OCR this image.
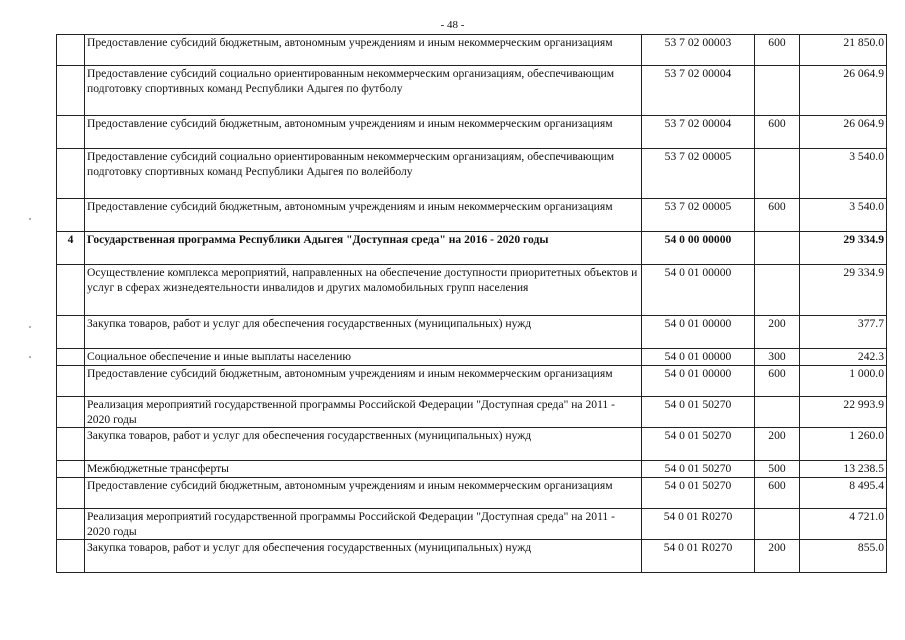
- 48 -
	Предоставление субсидий бюджетным, автономным учреждениям и иным некоммерческим организациям	53 7 02 00003	600	21 850.0
	Предоставление субсидий социально ориентированным некоммерческим организациям, обеспечивающим подготовку спортивных команд Республики Адыгея по футболу	53 7 02 00004		26 064.9
	Предоставление субсидий бюджетным, автономным учреждениям и иным некоммерческим организациям	53 7 02 00004	600	26 064.9
	Предоставление субсидий социально ориентированным некоммерческим организациям, обеспечивающим подготовку спортивных команд Республики Адыгея по волейболу	53 7 02 00005		3 540.0
	Предоставление субсидий бюджетным, автономным учреждениям и иным некоммерческим организациям	53 7 02 00005	600	3 540.0
4	Государственная программа Республики Адыгея "Доступная среда" на 2016 - 2020 годы	54 0 00 00000		29 334.9
	Осуществление комплекса мероприятий, направленных на обеспечение доступности приоритетных объектов и услуг в сферах жизнедеятельности инвалидов и других маломобильных групп населения	54 0 01 00000		29 334.9
	Закупка товаров, работ и услуг для обеспечения государственных (муниципальных) нужд	54 0 01 00000	200	377.7
	Социальное обеспечение и иные выплаты населению	54 0 01 00000	300	242.3
	Предоставление субсидий бюджетным, автономным учреждениям и иным некоммерческим организациям	54 0 01 00000	600	1 000.0
	Реализация мероприятий государственной программы Российской Федерации "Доступная среда" на 2011 - 2020 годы	54 0 01 50270		22 993.9
	Закупка товаров, работ и услуг для обеспечения государственных (муниципальных) нужд	54 0 01 50270	200	1 260.0
	Межбюджетные трансферты	54 0 01 50270	500	13 238.5
	Предоставление субсидий бюджетным, автономным учреждениям и иным некоммерческим организациям	54 0 01 50270	600	8 495.4
	Реализация мероприятий государственной программы Российской Федерации "Доступная среда" на 2011 - 2020 годы	54 0 01 R0270		4 721.0
	Закупка товаров, работ и услуг для обеспечения государственных (муниципальных) нужд	54 0 01 R0270	200	855.0
